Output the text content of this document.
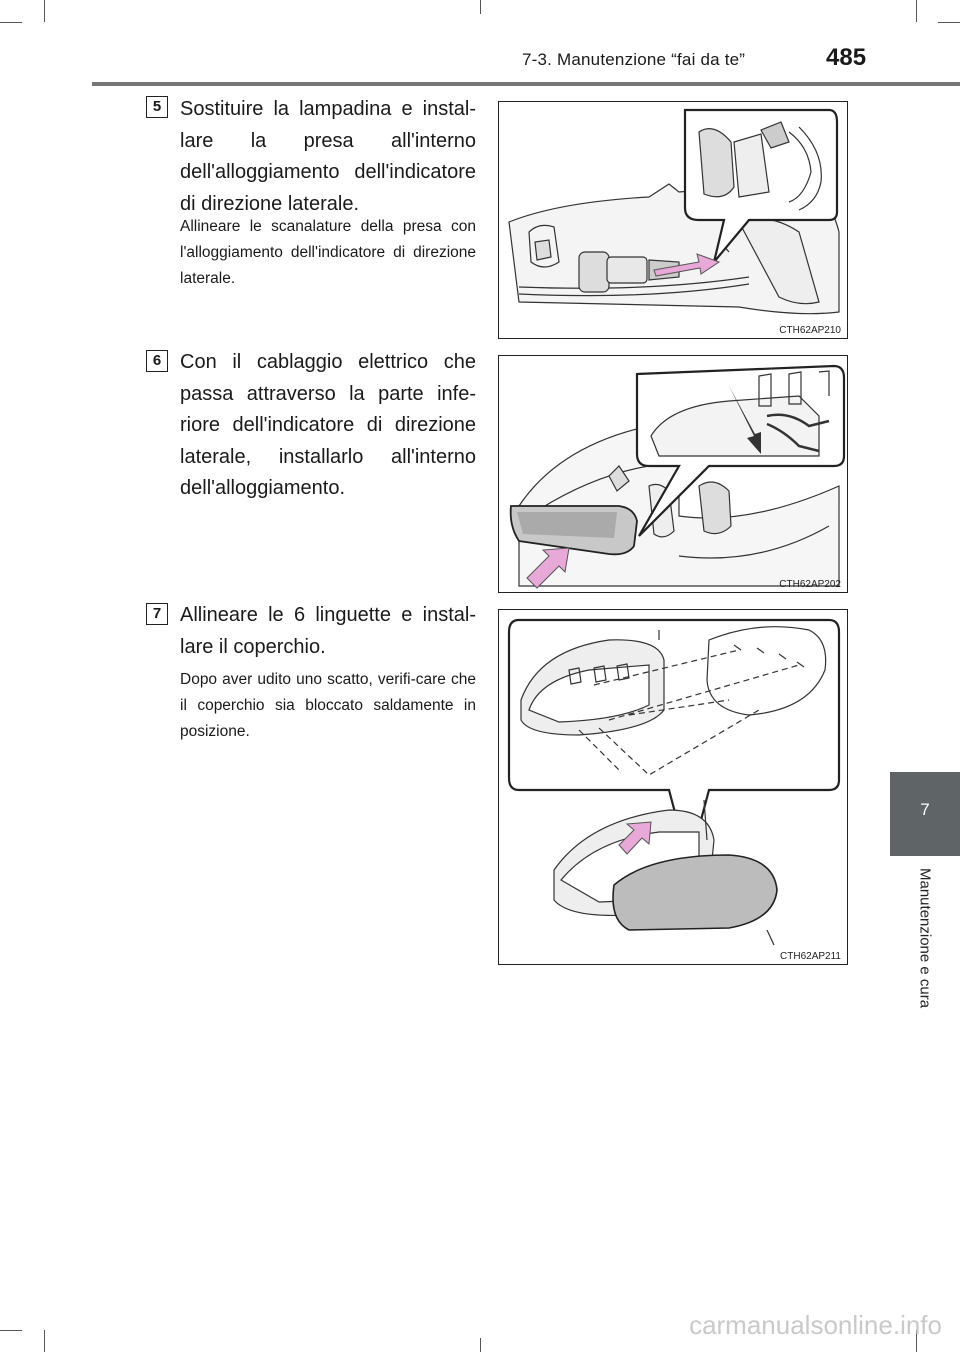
7-3. Manutenzione “fai da te”	485
7
Manutenzione e cura
5 Sostituire la lampadina e instal-lare la presa all'interno dell'alloggiamento dell'indicatore di direzione laterale.
Allineare le scanalature della presa con l'alloggiamento dell'indicatore di direzione laterale.
CTH62AP210
6 Con il cablaggio elettrico che passa attraverso la parte infe-riore dell'indicatore di direzione laterale, installarlo all'interno dell'alloggiamento.
CTH62AP202
7 Allineare le 6 linguette e instal-lare il coperchio.
Dopo aver udito uno scatto, verifi-care che il coperchio sia bloccato saldamente in posizione.
CTH62AP211
carmanualsonline.info
